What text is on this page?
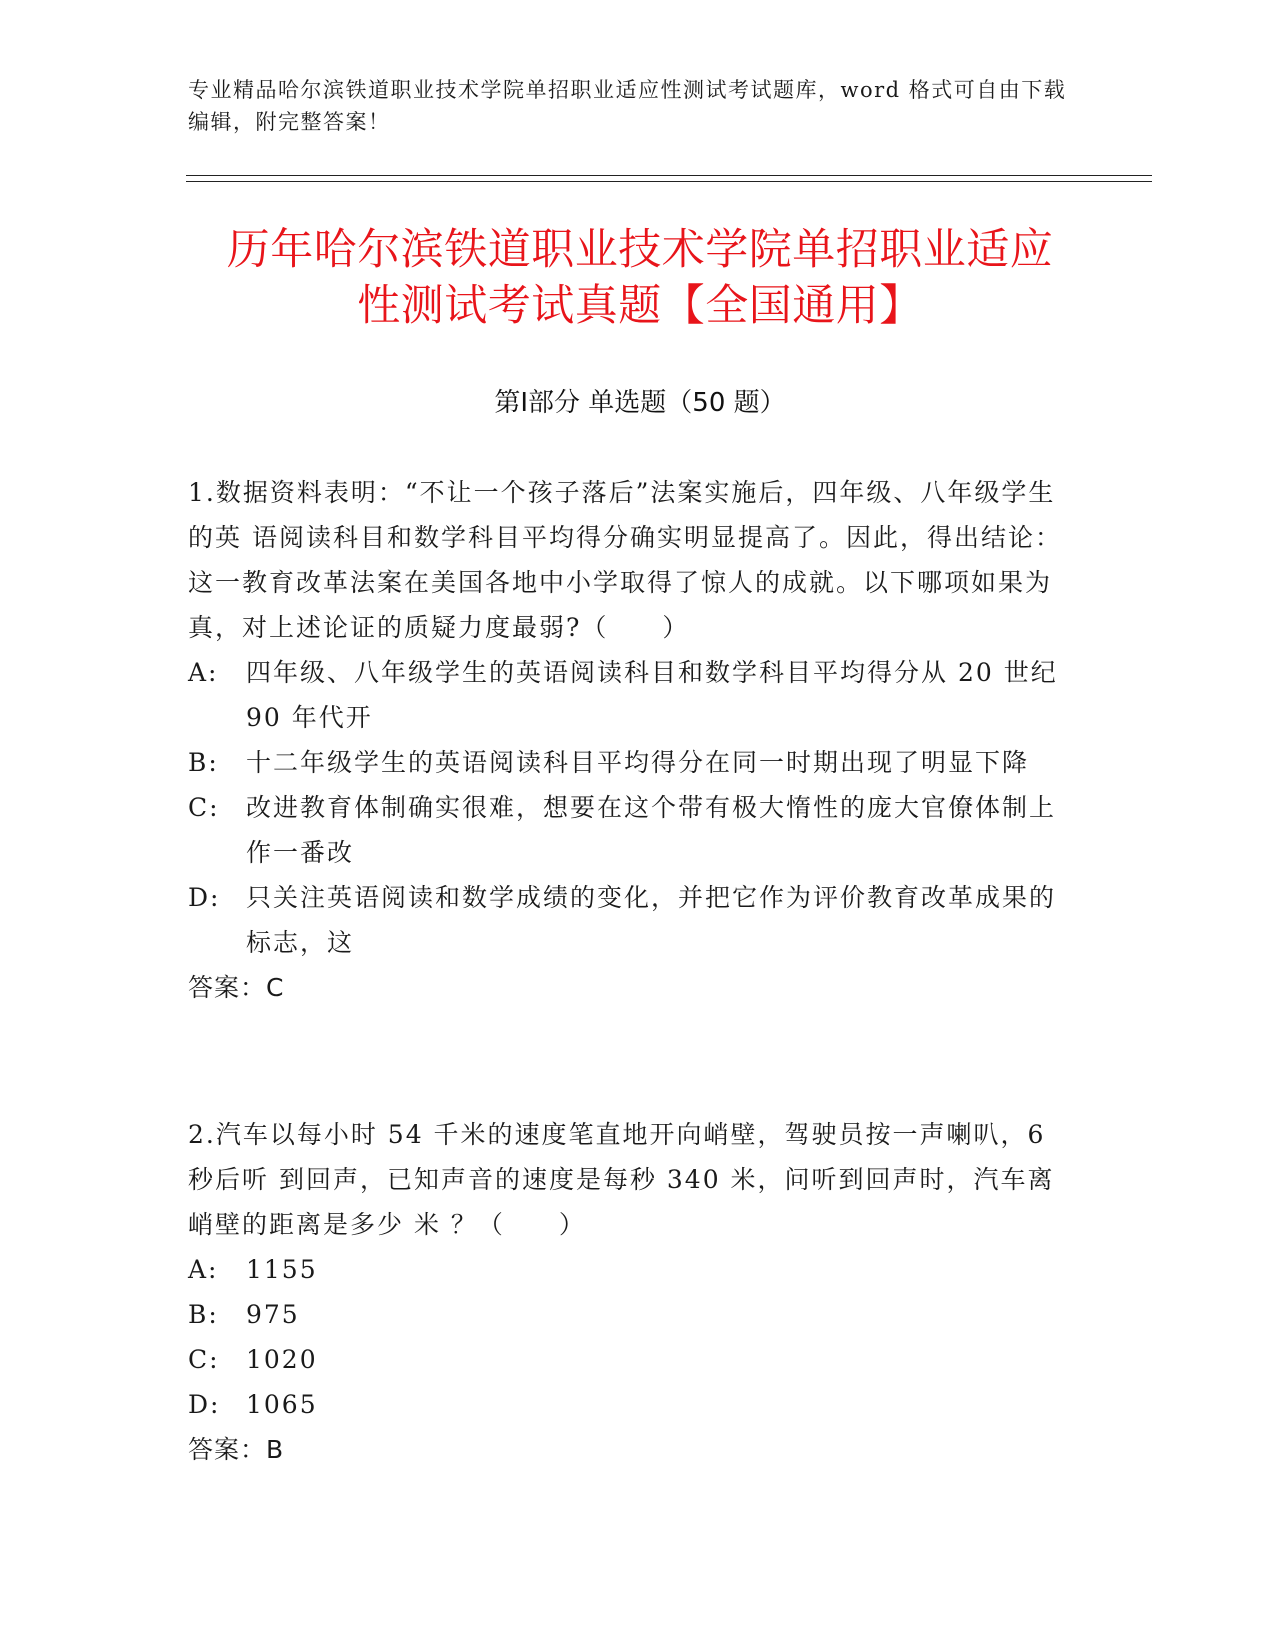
专业精品哈尔滨铁道职业技术学院单招职业适应性测试考试题库，word 格式可自由下载编辑，附完整答案！
历年哈尔滨铁道职业技术学院单招职业适应
性测试考试真题【全国通用】
第Ⅰ部分 单选题（50 题）

1.数据资料表明：“不让一个孩子落后”法案实施后，四年级、八年级学生的英 语阅读科目和数学科目平均得分确实明显提高了。因此，得出结论：这一教育改革法案在美国各地中小学取得了惊人的成就。以下哪项如果为真，对上述论证的质疑力度最弱?（　　）

A:	四年级、八年级学生的英语阅读科目和数学科目平均得分从 20 世纪 90 年代开

B:	十二年级学生的英语阅读科目平均得分在同一时期出现了明显下降

C:	改进教育体制确实很难，想要在这个带有极大惰性的庞大官僚体制上作一番改

D:	只关注英语阅读和数学成绩的变化，并把它作为评价教育改革成果的标志，这

答案：C

2.汽车以每小时 54 千米的速度笔直地开向峭壁，驾驶员按一声喇叭，6 秒后听 到回声，已知声音的速度是每秒 340 米，问听到回声时，汽车离峭壁的距离是多少 米 ？（　　）

A:	1155

B:	975

C:	1020

D:	1065

答案：B
